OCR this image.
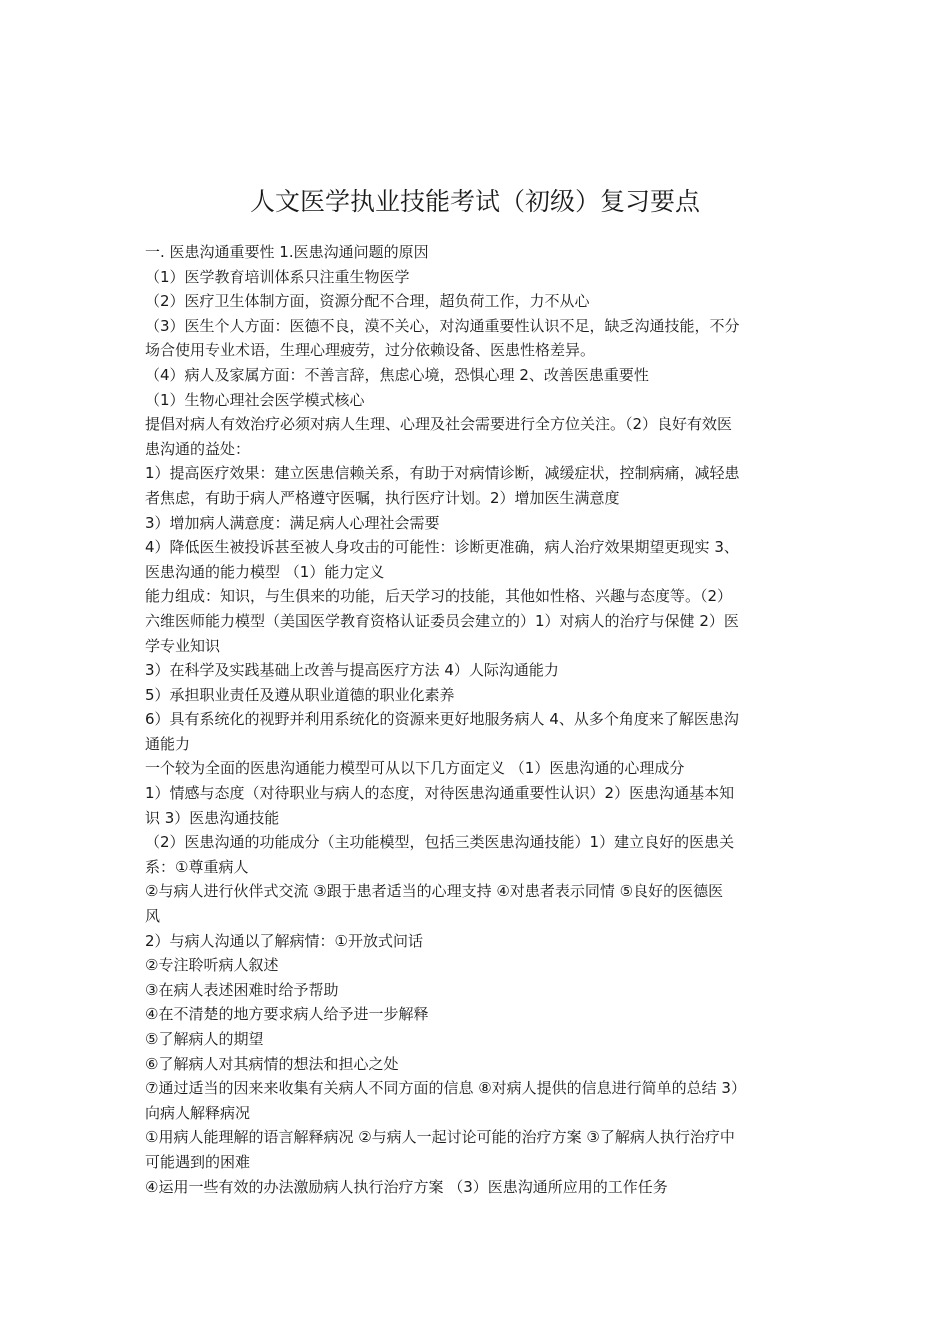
人文医学执业技能考试（初级）复习要点
一. 医患沟通重要性 1.医患沟通问题的原因
（1）医学教育培训体系只注重生物医学
（2）医疗卫生体制方面，资源分配不合理，超负荷工作，力不从心
（3）医生个人方面：医德不良，漠不关心，对沟通重要性认识不足，缺乏沟通技能，不分
场合使用专业术语，生理心理疲劳，过分依赖设备、医患性格差异。
（4）病人及家属方面：不善言辞，焦虑心境，恐惧心理 2、改善医患重要性
（1）生物心理社会医学模式核心
提倡对病人有效治疗必须对病人生理、心理及社会需要进行全方位关注。（2）良好有效医
患沟通的益处：
1）提高医疗效果：建立医患信赖关系，有助于对病情诊断，减缓症状，控制病痛，减轻患
者焦虑，有助于病人严格遵守医嘱，执行医疗计划。2）增加医生满意度
3）增加病人满意度：满足病人心理社会需要
4）降低医生被投诉甚至被人身攻击的可能性：诊断更准确，病人治疗效果期望更现实 3、
医患沟通的能力模型 （1）能力定义
能力组成：知识，与生俱来的功能，后天学习的技能，其他如性格、兴趣与态度等。（2）
六维医师能力模型（美国医学教育资格认证委员会建立的）1）对病人的治疗与保健 2）医
学专业知识
3）在科学及实践基础上改善与提高医疗方法 4）人际沟通能力
5）承担职业责任及遵从职业道德的职业化素养
6）具有系统化的视野并利用系统化的资源来更好地服务病人 4、从多个角度来了解医患沟
通能力
一个较为全面的医患沟通能力模型可从以下几方面定义 （1）医患沟通的心理成分
1）情感与态度（对待职业与病人的态度，对待医患沟通重要性认识）2）医患沟通基本知
识 3）医患沟通技能
（2）医患沟通的功能成分（主功能模型，包括三类医患沟通技能）1）建立良好的医患关
系：①尊重病人
②与病人进行伙伴式交流 ③跟于患者适当的心理支持 ④对患者表示同情 ⑤良好的医德医
风
2）与病人沟通以了解病情：①开放式问话
②专注聆听病人叙述
③在病人表述困难时给予帮助
④在不清楚的地方要求病人给予进一步解释
⑤了解病人的期望
⑥了解病人对其病情的想法和担心之处
⑦通过适当的因来来收集有关病人不同方面的信息 ⑧对病人提供的信息进行简单的总结 3）
向病人解释病况
①用病人能理解的语言解释病况 ②与病人一起讨论可能的治疗方案 ③了解病人执行治疗中
可能遇到的困难
④运用一些有效的办法激励病人执行治疗方案 （3）医患沟通所应用的工作任务
